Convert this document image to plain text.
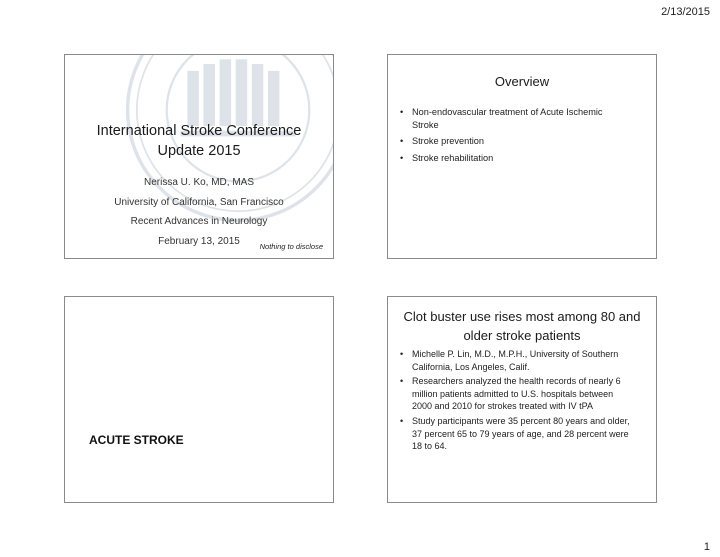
2/13/2015
International Stroke Conference
Update 2015
Nerissa U. Ko, MD, MAS
University of California, San Francisco
Recent Advances in Neurology
February 13, 2015	Nothing to disclose
Overview
• Non-endovascular treatment of Acute Ischemic Stroke
• Stroke prevention
• Stroke rehabilitation
ACUTE STROKE
Clot buster use rises most among 80 and older stroke patients
• Michelle P. Lin, M.D., M.P.H., University of Southern California, Los Angeles, Calif.
• Researchers analyzed the health records of nearly 6 million patients admitted to U.S. hospitals between 2000 and 2010 for strokes treated with IV tPA
• Study participants were 35 percent 80 years and older, 37 percent 65 to 79 years of age, and 28 percent were 18 to 64.
1
